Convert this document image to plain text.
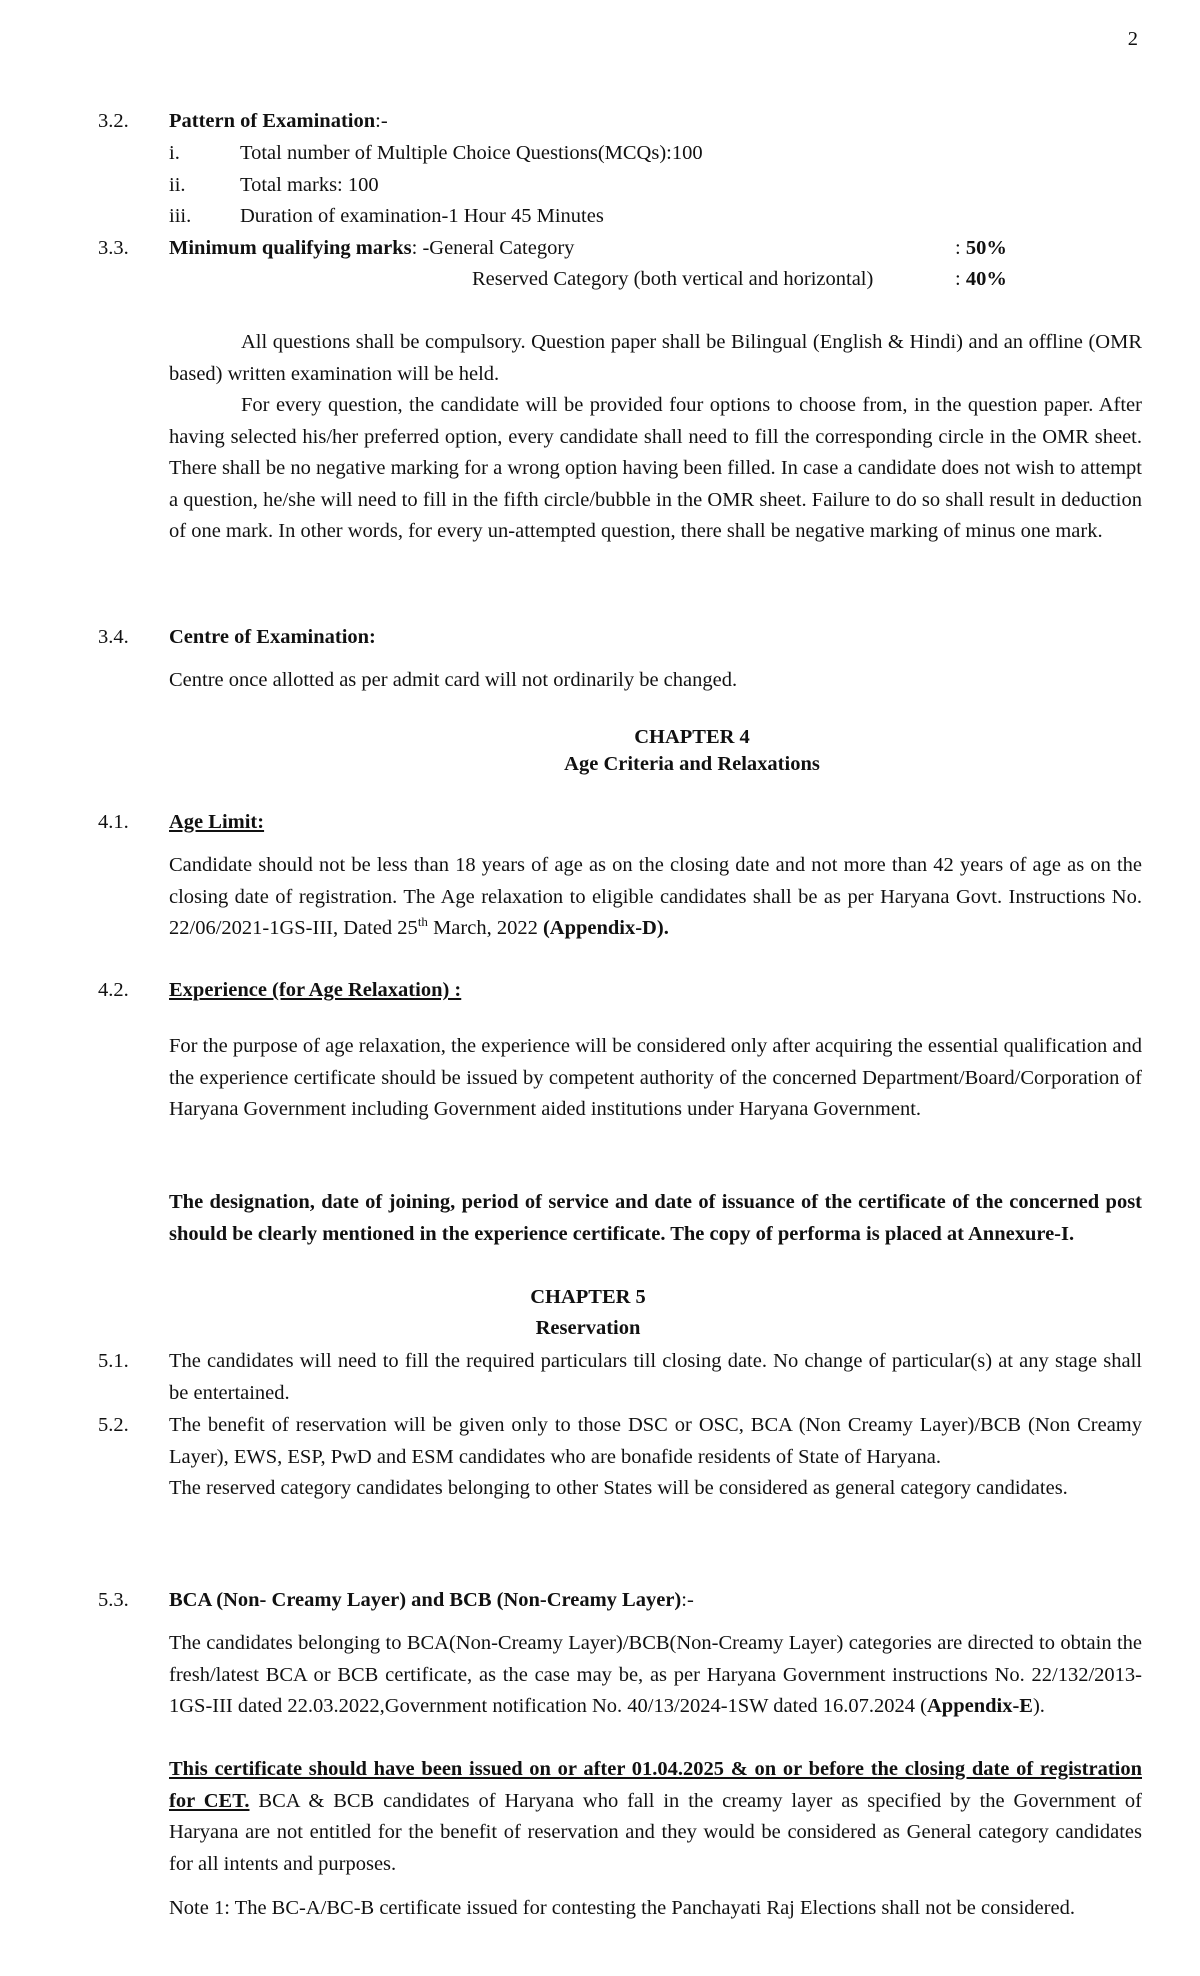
2
3.2. Pattern of Examination:-
i.	Total number of Multiple Choice Questions(MCQs):100
ii.	Total marks: 100
iii. Duration of examination-1 Hour 45 Minutes
3.3. Minimum qualifying marks: -General Category	: 50%
Reserved Category (both vertical and horizontal)	: 40%

All questions shall be compulsory. Question paper shall be Bilingual (English & Hindi) and an offline (OMR based) written examination will be held.

For every question, the candidate will be provided four options to choose from, in the question paper. After having selected his/her preferred option, every candidate shall need to fill the corresponding circle in the OMR sheet. There shall be no negative marking for a wrong option having been filled. In case a candidate does not wish to attempt a question, he/she will need to fill in the fifth circle/bubble in the OMR sheet. Failure to do so shall result in deduction of one mark. In other words, for every un-attempted question, there shall be negative marking of minus one mark.

3.4. Centre of Examination:
Centre once allotted as per admit card will not ordinarily be changed.
CHAPTER 4
Age Criteria and Relaxations
4.1. Age Limit:
Candidate should not be less than 18 years of age as on the closing date and not more than 42 years of age as on the closing date of registration. The Age relaxation to eligible candidates shall be as per Haryana Govt. Instructions No. 22/06/2021-1GS-III, Dated 25th March, 2022 (Appendix-D).
4.2. Experience (for Age Relaxation) :
For the purpose of age relaxation, the experience will be considered only after acquiring the essential qualification and the experience certificate should be issued by competent authority of the concerned Department/Board/Corporation of Haryana Government including Government aided institutions under Haryana Government.
The designation, date of joining, period of service and date of issuance of the certificate of the concerned post should be clearly mentioned in the experience certificate. The copy of performa is placed at Annexure-I.
CHAPTER 5
Reservation
5.1. The candidates will need to fill the required particulars till closing date. No change of particular(s) at any stage shall be entertained.
5.2. The benefit of reservation will be given only to those DSC or OSC, BCA (Non Creamy Layer)/BCB (Non Creamy Layer), EWS, ESP, PwD and ESM candidates who are bonafide residents of State of Haryana.

The reserved category candidates belonging to other States will be considered as general category candidates.

5.3. BCA (Non- Creamy Layer) and BCB (Non-Creamy Layer):-
The candidates belonging to BCA(Non-Creamy Layer)/BCB(Non-Creamy Layer) categories are directed to obtain the fresh/latest BCA or BCB certificate, as the case may be, as per Haryana Government instructions No. 22/132/2013-1GS-III dated 22.03.2022,Government notification No. 40/13/2024-1SW dated 16.07.2024 (Appendix-E).
This certificate should have been issued on or after 01.04.2025 & on or before the closing date of registration for CET. BCA & BCB candidates of Haryana who fall in the creamy layer as specified by the Government of Haryana are not entitled for the benefit of reservation and they would be considered as General category candidates for all intents and purposes.
Note 1: The BC-A/BC-B certificate issued for contesting the Panchayati Raj Elections shall not be considered.
